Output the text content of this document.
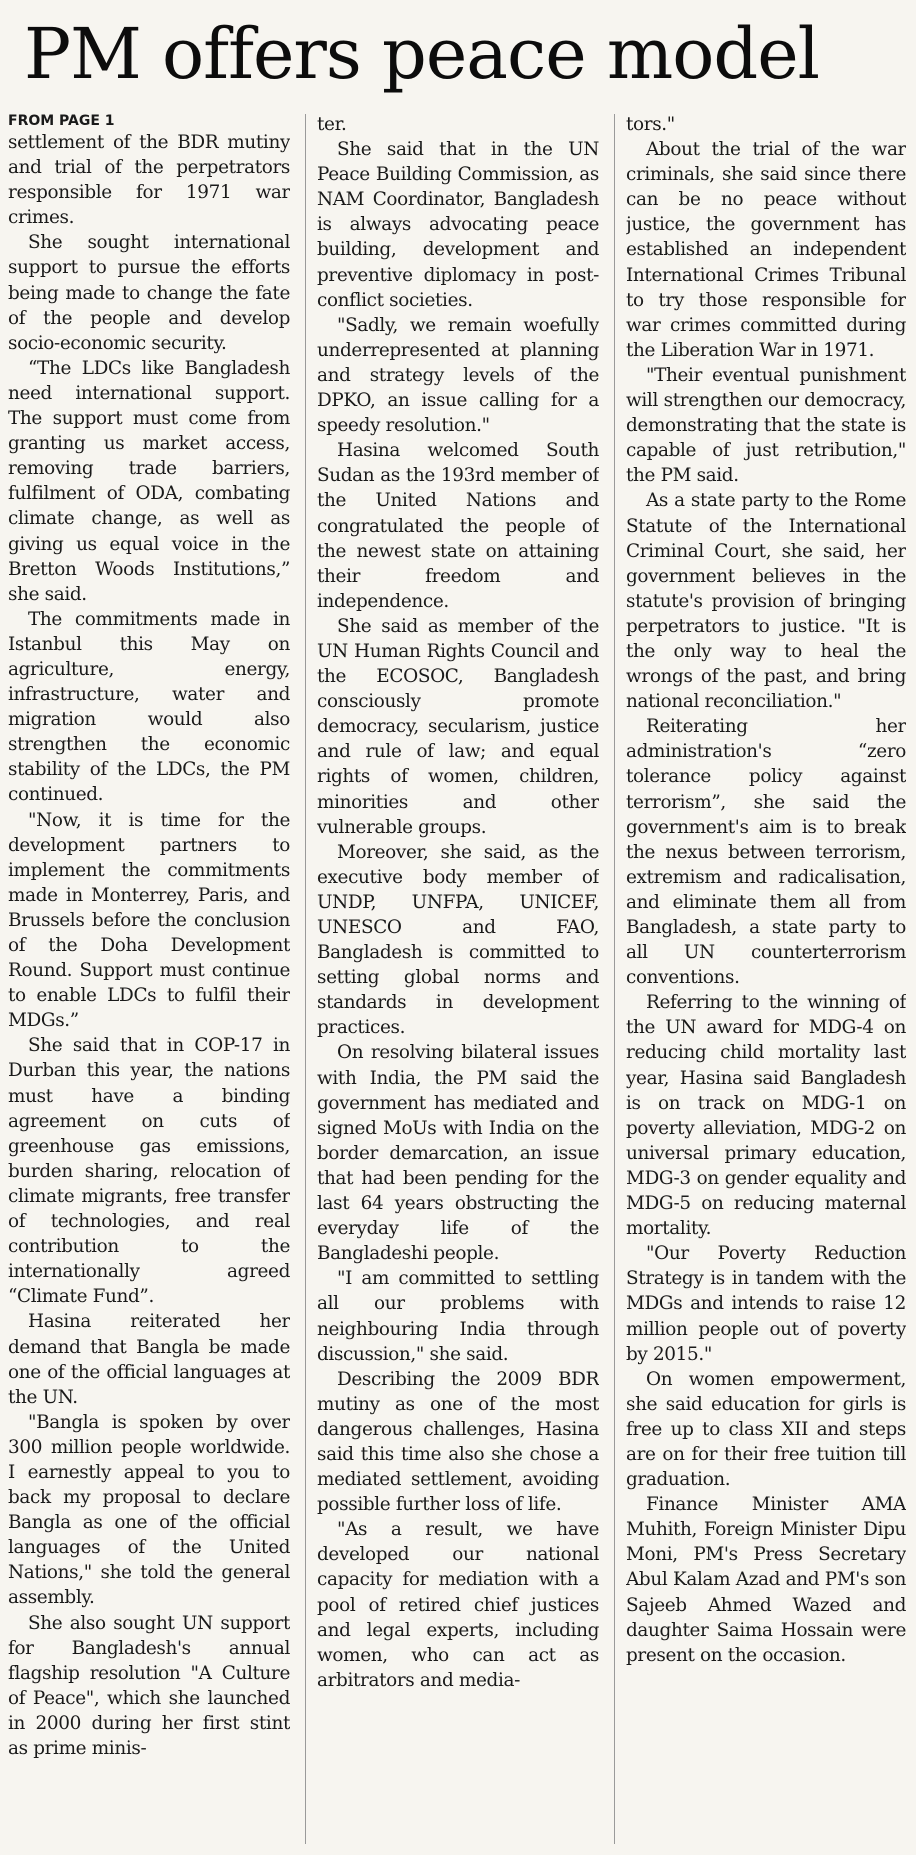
PM offers peace model
FROM PAGE 1

settlement of the BDR mutiny and trial of the perpetrators responsible for 1971 war crimes.

She sought international support to pursue the efforts being made to change the fate of the people and develop socio-economic security.

“The LDCs like Bangladesh need international support. The support must come from granting us market access, removing trade barriers, fulfilment of ODA, combating climate change, as well as giving us equal voice in the Bretton Woods Institutions,” she said.

The commitments made in Istanbul this May on agriculture, energy, infrastructure, water and migration would also strengthen the economic stability of the LDCs, the PM continued.

"Now, it is time for the development partners to implement the commitments made in Monterrey, Paris, and Brussels before the conclusion of the Doha Development Round. Support must continue to enable LDCs to fulfil their MDGs.”

She said that in COP-17 in Durban this year, the nations must have a binding agreement on cuts of greenhouse gas emissions, burden sharing, relocation of climate migrants, free transfer of technologies, and real contribution to the internationally agreed “Climate Fund”.

Hasina reiterated her demand that Bangla be made one of the official languages at the UN.

"Bangla is spoken by over 300 million people worldwide. I earnestly appeal to you to back my proposal to declare Bangla as one of the official languages of the United Nations," she told the general assembly.

She also sought UN support for Bangladesh's annual flagship resolution "A Culture of Peace", which she launched in 2000 during her first stint as prime minis-

ter.

She said that in the UN Peace Building Commission, as NAM Coordinator, Bangladesh is always advocating peace building, development and preventive diplomacy in post-conflict societies.

"Sadly, we remain woefully underrepresented at planning and strategy levels of the DPKO, an issue calling for a speedy resolution."

Hasina welcomed South Sudan as the 193rd member of the United Nations and congratulated the people of the newest state on attaining their freedom and independence.

She said as member of the UN Human Rights Council and the ECOSOC, Bangladesh consciously promote democracy, secularism, justice and rule of law; and equal rights of women, children, minorities and other vulnerable groups.

Moreover, she said, as the executive body member of UNDP, UNFPA, UNICEF, UNESCO and FAO, Bangladesh is committed to setting global norms and standards in development practices.

On resolving bilateral issues with India, the PM said the government has mediated and signed MoUs with India on the border demarcation, an issue that had been pending for the last 64 years obstructing the everyday life of the Bangladeshi people.

"I am committed to settling all our problems with neighbouring India through discussion," she said.

Describing the 2009 BDR mutiny as one of the most dangerous challenges, Hasina said this time also she chose a mediated settlement, avoiding possible further loss of life.

"As a result, we have developed our national capacity for mediation with a pool of retired chief justices and legal experts, including women, who can act as arbitrators and media-

tors."

About the trial of the war criminals, she said since there can be no peace without justice, the government has established an independent International Crimes Tribunal to try those responsible for war crimes committed during the Liberation War in 1971.

"Their eventual punishment will strengthen our democracy, demonstrating that the state is capable of just retribution," the PM said.

As a state party to the Rome Statute of the International Criminal Court, she said, her government believes in the statute's provision of bringing perpetrators to justice. "It is the only way to heal the wrongs of the past, and bring national reconciliation."

Reiterating her administration's “zero tolerance policy against terrorism”, she said the government's aim is to break the nexus between terrorism, extremism and radicalisation, and eliminate them all from Bangladesh, a state party to all UN counterterrorism conventions.

Referring to the winning of the UN award for MDG-4 on reducing child mortality last year, Hasina said Bangladesh is on track on MDG-1 on poverty alleviation, MDG-2 on universal primary education, MDG-3 on gender equality and MDG-5 on reducing maternal mortality.

"Our Poverty Reduction Strategy is in tandem with the MDGs and intends to raise 12 million people out of poverty by 2015."

On women empowerment, she said education for girls is free up to class XII and steps are on for their free tuition till graduation.

Finance Minister AMA Muhith, Foreign Minister Dipu Moni, PM's Press Secretary Abul Kalam Azad and PM's son Sajeeb Ahmed Wazed and daughter Saima Hossain were present on the occasion.
